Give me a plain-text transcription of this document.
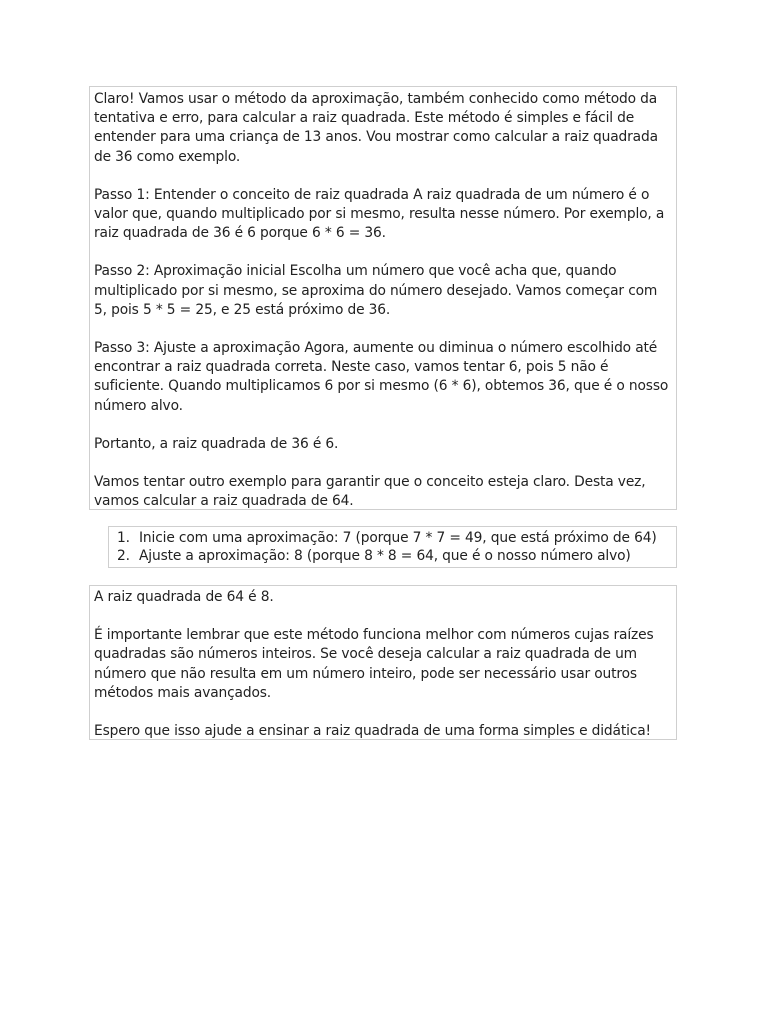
Claro! Vamos usar o método da aproximação, também conhecido como método da tentativa e erro, para calcular a raiz quadrada. Este método é simples e fácil de entender para uma criança de 13 anos. Vou mostrar como calcular a raiz quadrada de 36 como exemplo.

Passo 1: Entender o conceito de raiz quadrada A raiz quadrada de um número é o valor que, quando multiplicado por si mesmo, resulta nesse número. Por exemplo, a raiz quadrada de 36 é 6 porque 6 * 6 = 36.

Passo 2: Aproximação inicial Escolha um número que você acha que, quando multiplicado por si mesmo, se aproxima do número desejado. Vamos começar com 5, pois 5 * 5 = 25, e 25 está próximo de 36.

Passo 3: Ajuste a aproximação Agora, aumente ou diminua o número escolhido até encontrar a raiz quadrada correta. Neste caso, vamos tentar 6, pois 5 não é suficiente. Quando multiplicamos 6 por si mesmo (6 * 6), obtemos 36, que é o nosso número alvo.

Portanto, a raiz quadrada de 36 é 6.

Vamos tentar outro exemplo para garantir que o conceito esteja claro. Desta vez, vamos calcular a raiz quadrada de 64.

1. Inicie com uma aproximação: 7 (porque 7 * 7 = 49, que está próximo de 64)
2. Ajuste a aproximação: 8 (porque 8 * 8 = 64, que é o nosso número alvo)

A raiz quadrada de 64 é 8.

É importante lembrar que este método funciona melhor com números cujas raízes quadradas são números inteiros. Se você deseja calcular a raiz quadrada de um número que não resulta em um número inteiro, pode ser necessário usar outros métodos mais avançados.

Espero que isso ajude a ensinar a raiz quadrada de uma forma simples e didática!
